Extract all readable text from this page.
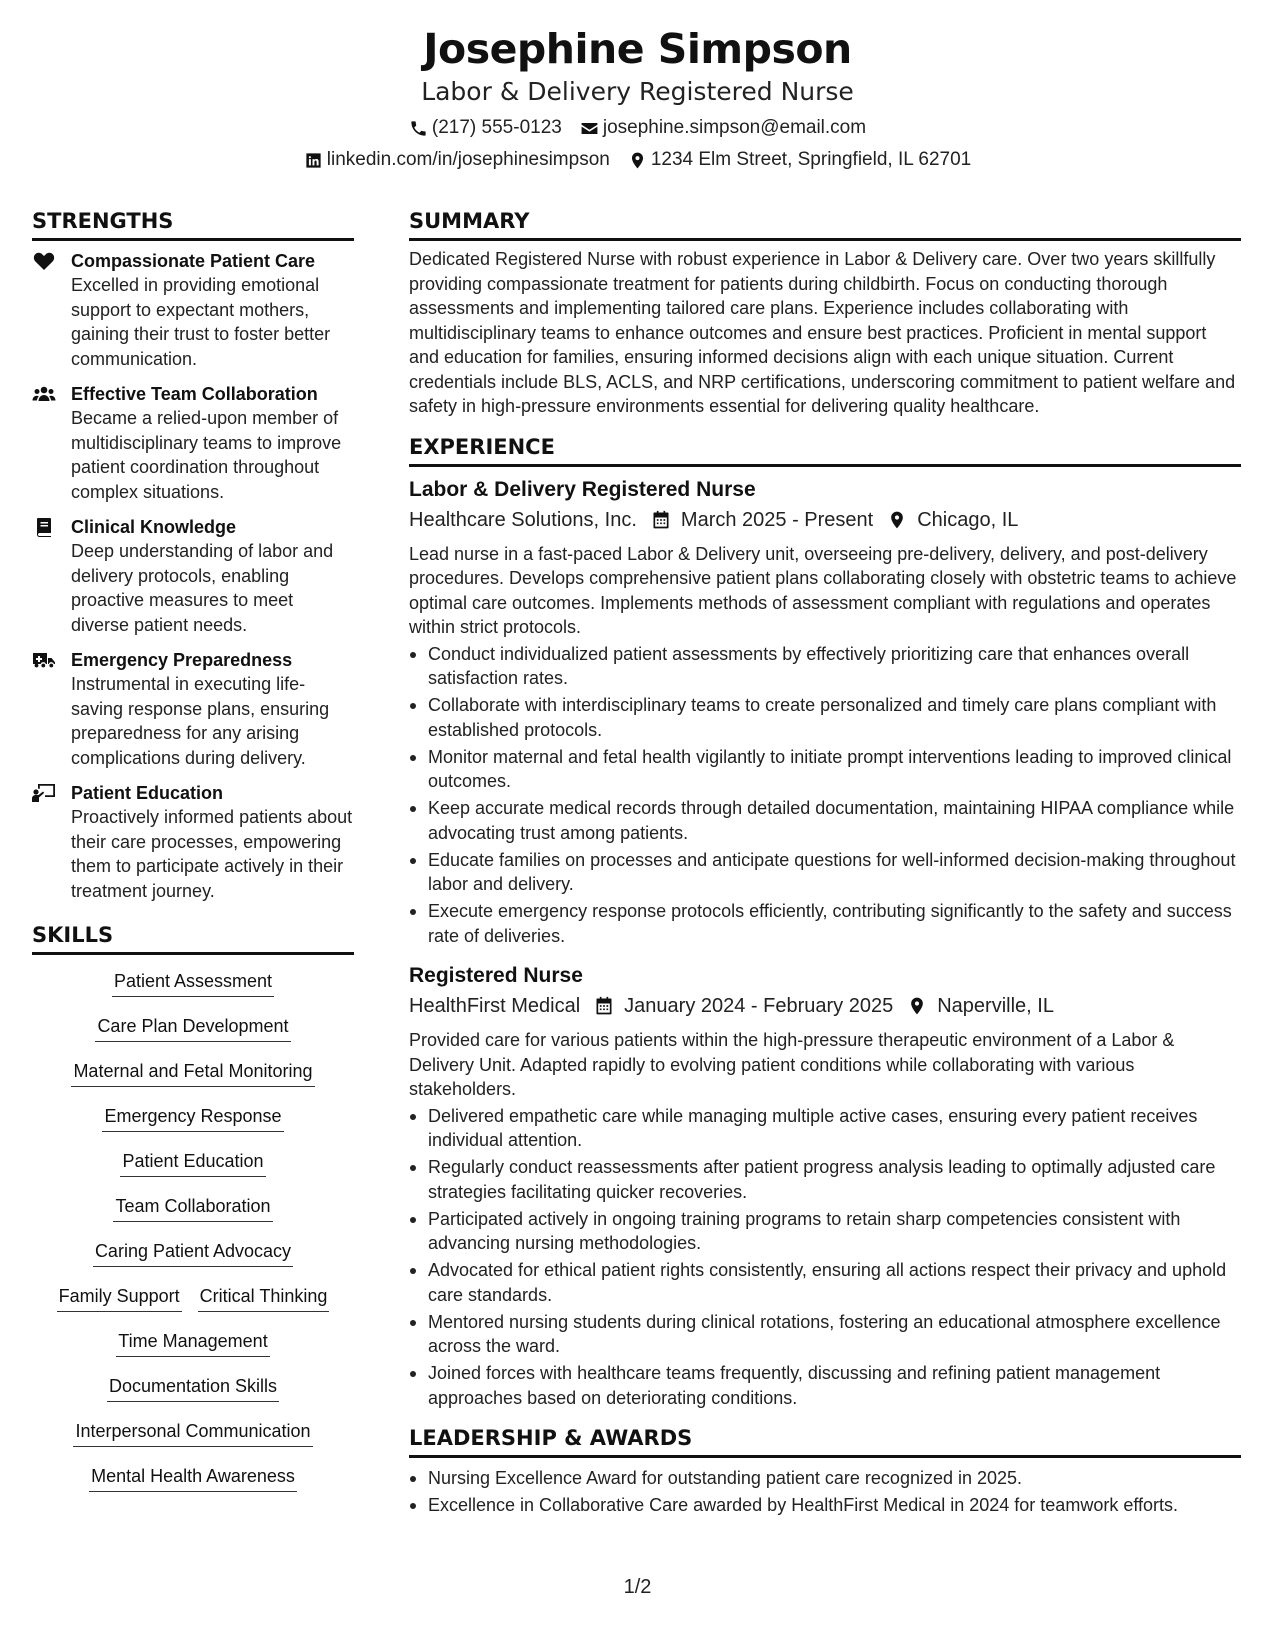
Josephine Simpson
Labor & Delivery Registered Nurse
(217) 555-0123 josephine.simpson@email.com
linkedin.com/in/josephinesimpson 1234 Elm Street, Springfield, IL 62701
STRENGTHS
Compassionate Patient Care
Excelled in providing emotional support to expectant mothers, gaining their trust to foster better communication.
Effective Team Collaboration
Became a relied-upon member of multidisciplinary teams to improve patient coordination throughout complex situations.
Clinical Knowledge
Deep understanding of labor and delivery protocols, enabling proactive measures to meet diverse patient needs.
Emergency Preparedness
Instrumental in executing life-saving response plans, ensuring preparedness for any arising complications during delivery.
Patient Education
Proactively informed patients about their care processes, empowering them to participate actively in their treatment journey.
SKILLS
Patient Assessment
Care Plan Development
Maternal and Fetal Monitoring
Emergency Response
Patient Education
Team Collaboration
Caring Patient Advocacy
Family Support Critical Thinking
Time Management
Documentation Skills
Interpersonal Communication
Mental Health Awareness
SUMMARY
Dedicated Registered Nurse with robust experience in Labor & Delivery care. Over two years skillfully providing compassionate treatment for patients during childbirth. Focus on conducting thorough assessments and implementing tailored care plans. Experience includes collaborating with multidisciplinary teams to enhance outcomes and ensure best practices. Proficient in mental support and education for families, ensuring informed decisions align with each unique situation. Current credentials include BLS, ACLS, and NRP certifications, underscoring commitment to patient welfare and safety in high-pressure environments essential for delivering quality healthcare.
EXPERIENCE
Labor & Delivery Registered Nurse
Healthcare Solutions, Inc. March 2025 - Present Chicago, IL
Lead nurse in a fast-paced Labor & Delivery unit, overseeing pre-delivery, delivery, and post-delivery procedures. Develops comprehensive patient plans collaborating closely with obstetric teams to achieve optimal care outcomes. Implements methods of assessment compliant with regulations and operates within strict protocols.
Conduct individualized patient assessments by effectively prioritizing care that enhances overall satisfaction rates.
Collaborate with interdisciplinary teams to create personalized and timely care plans compliant with established protocols.
Monitor maternal and fetal health vigilantly to initiate prompt interventions leading to improved clinical outcomes.
Keep accurate medical records through detailed documentation, maintaining HIPAA compliance while advocating trust among patients.
Educate families on processes and anticipate questions for well-informed decision-making throughout labor and delivery.
Execute emergency response protocols efficiently, contributing significantly to the safety and success rate of deliveries.
Registered Nurse
HealthFirst Medical January 2024 - February 2025 Naperville, IL
Provided care for various patients within the high-pressure therapeutic environment of a Labor & Delivery Unit. Adapted rapidly to evolving patient conditions while collaborating with various stakeholders.
Delivered empathetic care while managing multiple active cases, ensuring every patient receives individual attention.
Regularly conduct reassessments after patient progress analysis leading to optimally adjusted care strategies facilitating quicker recoveries.
Participated actively in ongoing training programs to retain sharp competencies consistent with advancing nursing methodologies.
Advocated for ethical patient rights consistently, ensuring all actions respect their privacy and uphold care standards.
Mentored nursing students during clinical rotations, fostering an educational atmosphere excellence across the ward.
Joined forces with healthcare teams frequently, discussing and refining patient management approaches based on deteriorating conditions.
LEADERSHIP & AWARDS
Nursing Excellence Award for outstanding patient care recognized in 2025.
Excellence in Collaborative Care awarded by HealthFirst Medical in 2024 for teamwork efforts.
1/2
